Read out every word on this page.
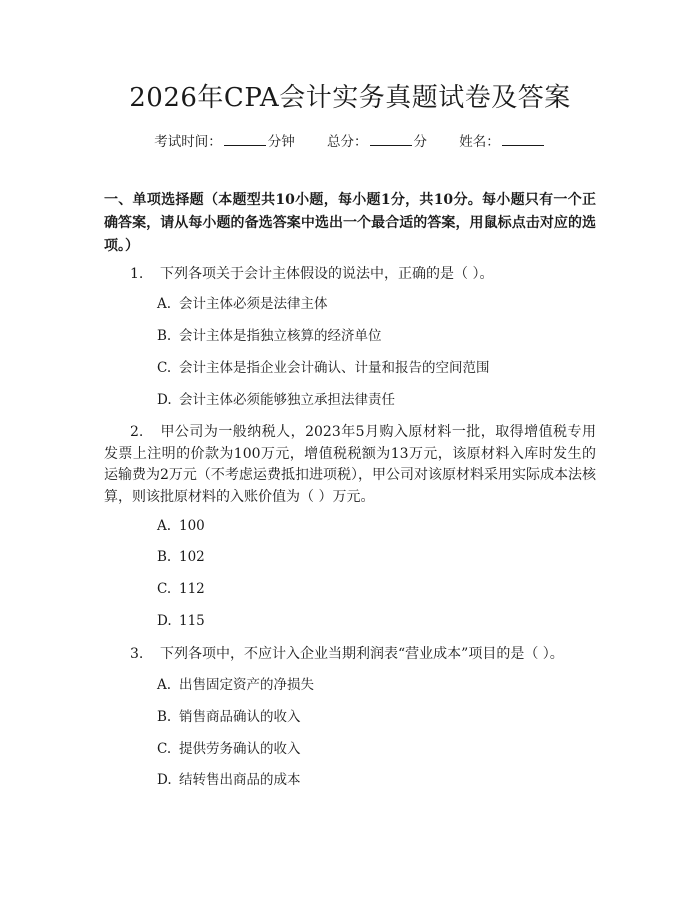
2026年CPA会计实务真题试卷及答案
考试时间：	分钟 总分：	分 姓名：
一、单项选择题（本题型共10小题，每小题1分，共10分。每小题只有一个正确答案，请从每小题的备选答案中选出一个最合适的答案，用鼠标点击对应的选项。）
1. 下列各项关于会计主体假设的说法中，正确的是（ ）。
A. 会计主体必须是法律主体
B. 会计主体是指独立核算的经济单位
C. 会计主体是指企业会计确认、计量和报告的空间范围
D. 会计主体必须能够独立承担法律责任
2. 甲公司为一般纳税人，2023年5月购入原材料一批，取得增值税专用发票上注明的价款为100万元，增值税税额为13万元，该原材料入库时发生的运输费为2万元（不考虑运费抵扣进项税），甲公司对该原材料采用实际成本法核算，则该批原材料的入账价值为（ ）万元。
A. 100
B. 102
C. 112
D. 115
3. 下列各项中，不应计入企业当期利润表“营业成本”项目的是（ ）。
A. 出售固定资产的净损失
B. 销售商品确认的收入
C. 提供劳务确认的收入
D. 结转售出商品的成本
